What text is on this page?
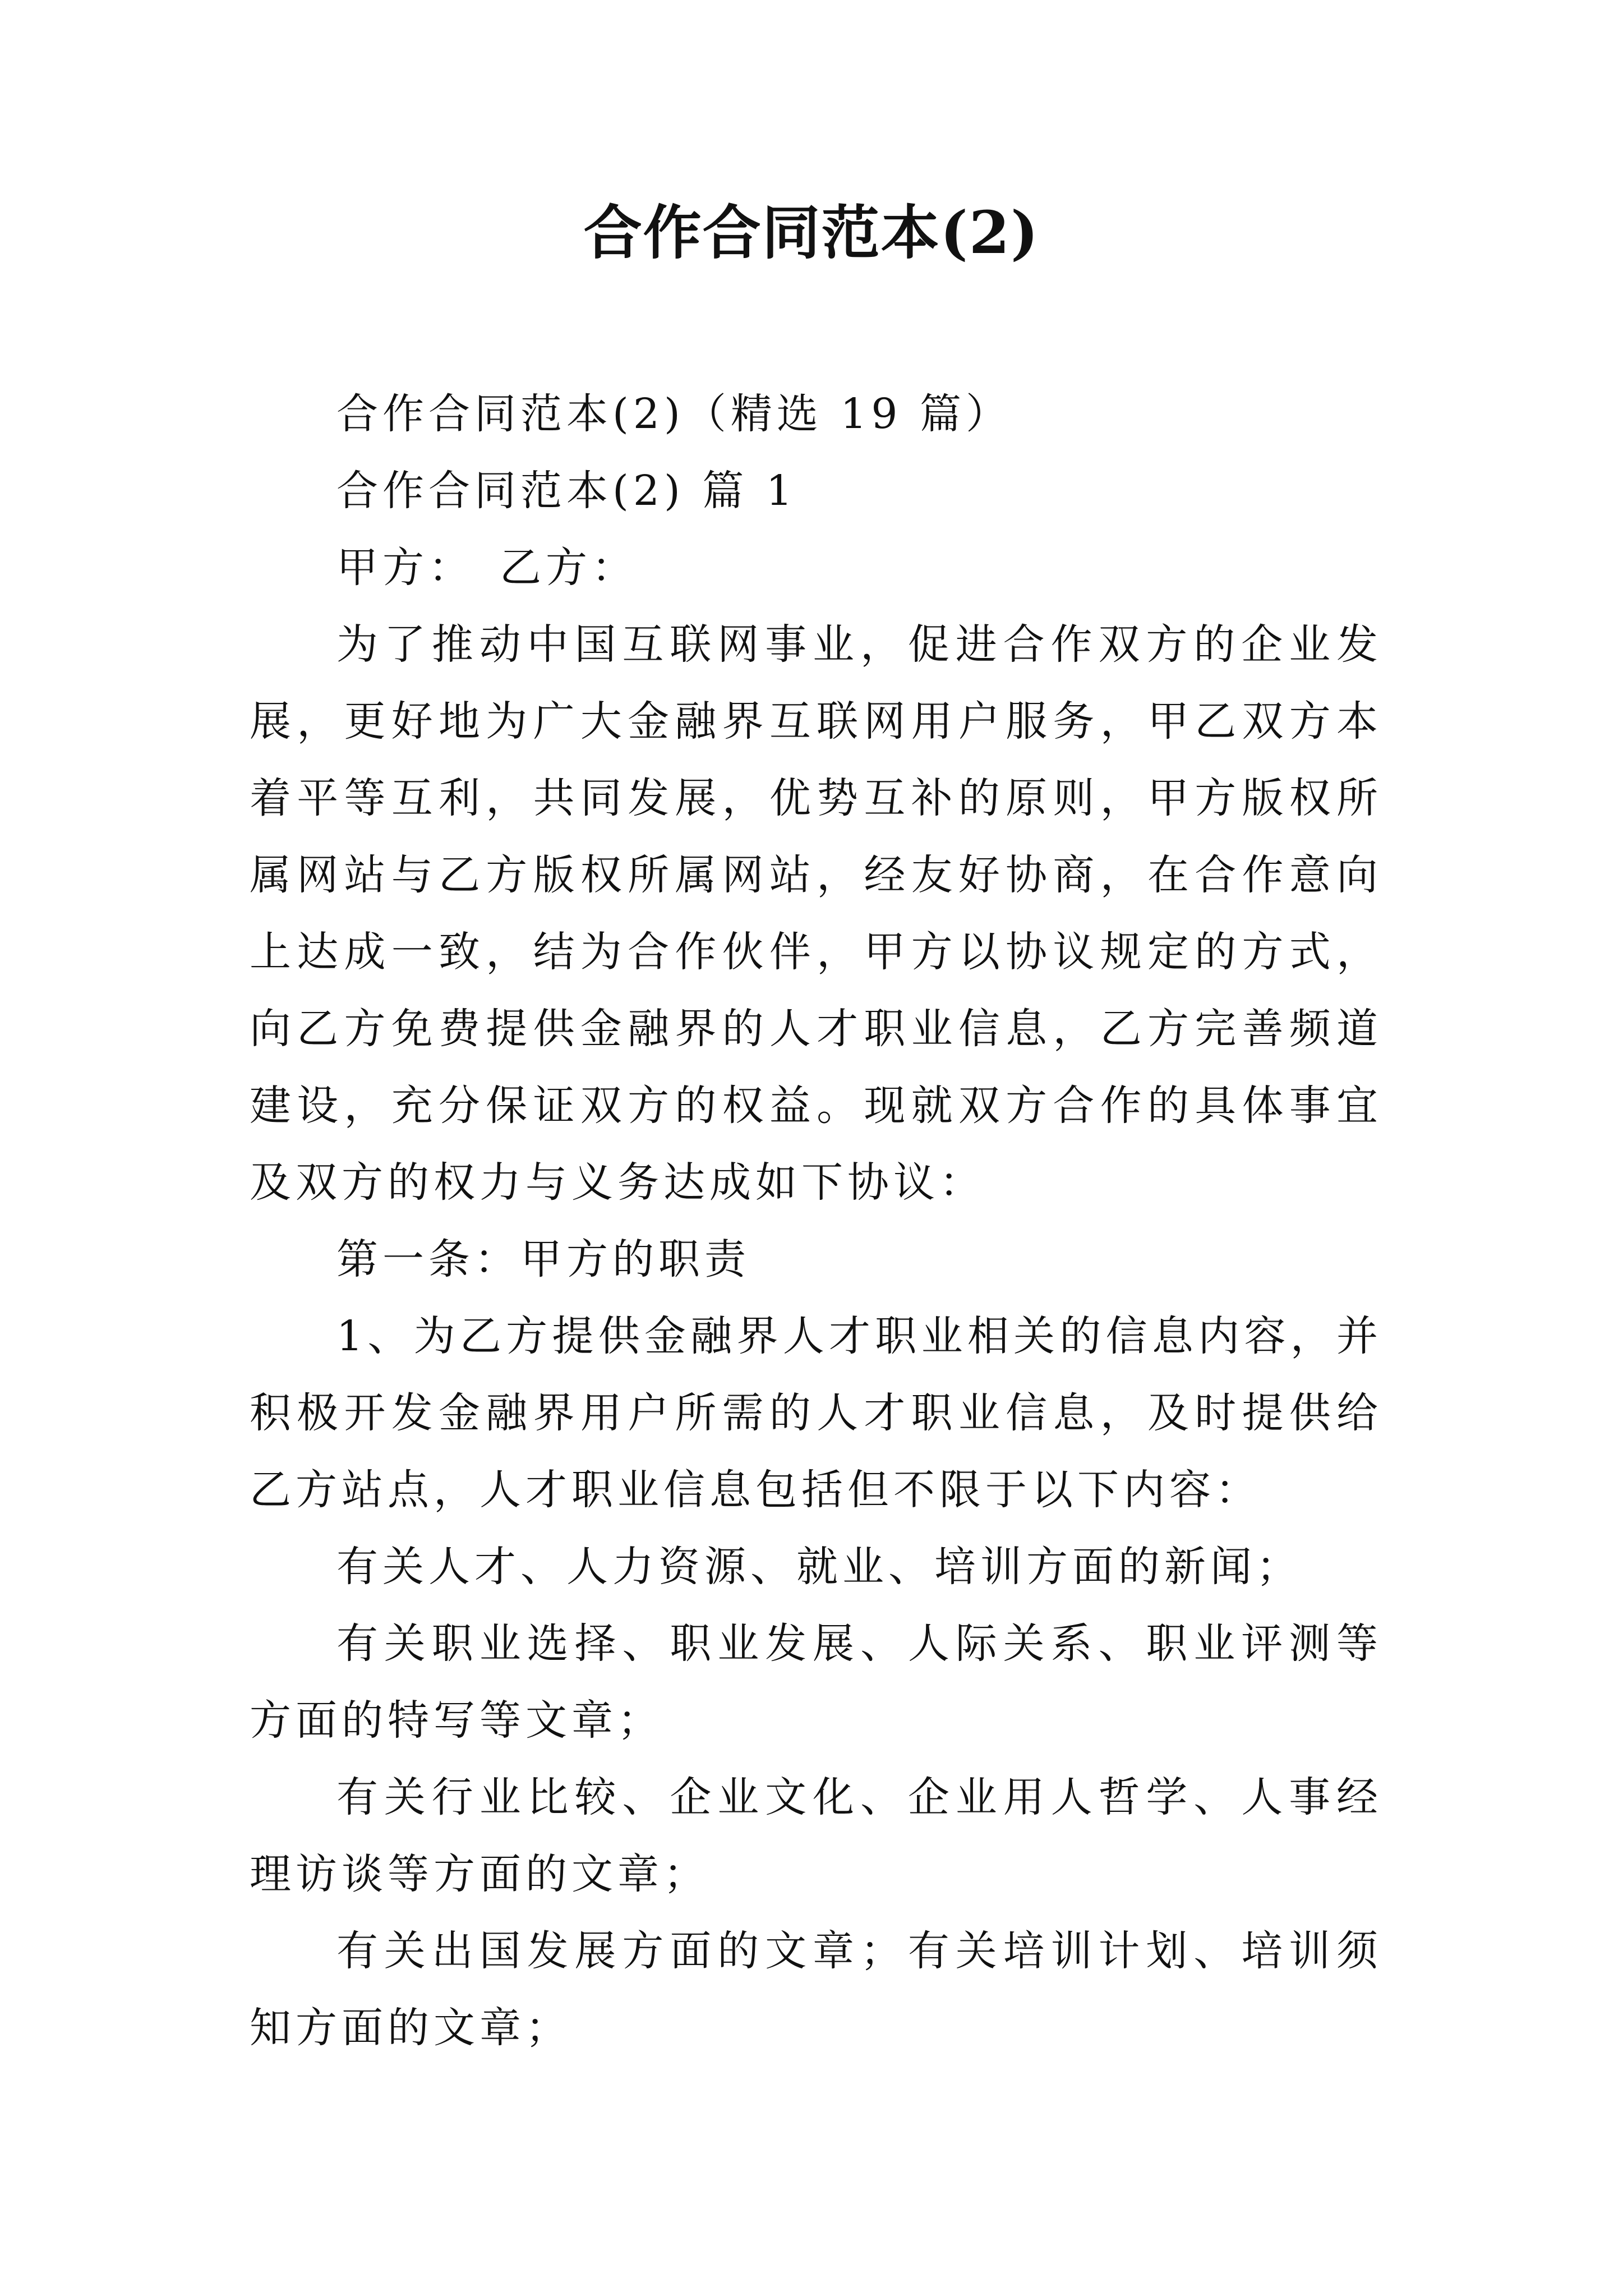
合作合同范本(2)

合作合同范本(2)（精选 19 篇）

合作合同范本(2) 篇 1

甲方：　乙方：

为了推动中国互联网事业，促进合作双方的企业发展，更好地为广大金融界互联网用户服务，甲乙双方本着平等互利，共同发展，优势互补的原则，甲方版权所属网站与乙方版权所属网站，经友好协商，在合作意向上达成一致，结为合作伙伴，甲方以协议规定的方式，向乙方免费提供金融界的人才职业信息，乙方完善频道建设，充分保证双方的权益。现就双方合作的具体事宜及双方的权力与义务达成如下协议：

第一条：甲方的职责

1、为乙方提供金融界人才职业相关的信息内容，并积极开发金融界用户所需的人才职业信息，及时提供给乙方站点，人才职业信息包括但不限于以下内容：

有关人才、人力资源、就业、培训方面的新闻；

有关职业选择、职业发展、人际关系、职业评测等方面的特写等文章；

有关行业比较、企业文化、企业用人哲学、人事经理访谈等方面的文章；

有关出国发展方面的文章；有关培训计划、培训须知方面的文章；
